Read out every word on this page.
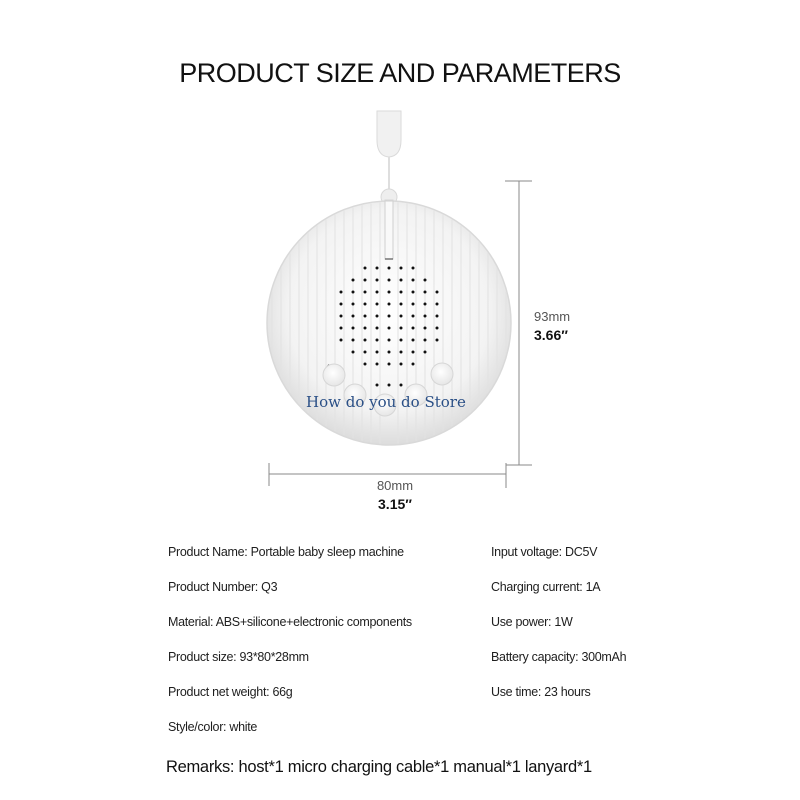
PRODUCT SIZE AND PARAMETERS
93mm
3.66″
80mm
3.15″
How do you do Store
Product Name: Portable baby sleep machine
Product Number: Q3
Material: ABS+silicone+electronic components
Product size: 93*80*28mm
Product net weight: 66g
Style/color: white
Input voltage: DC5V
Charging current: 1A
Use power: 1W
Battery capacity: 300mAh
Use time: 23 hours
Remarks: host*1 micro charging cable*1 manual*1 lanyard*1
